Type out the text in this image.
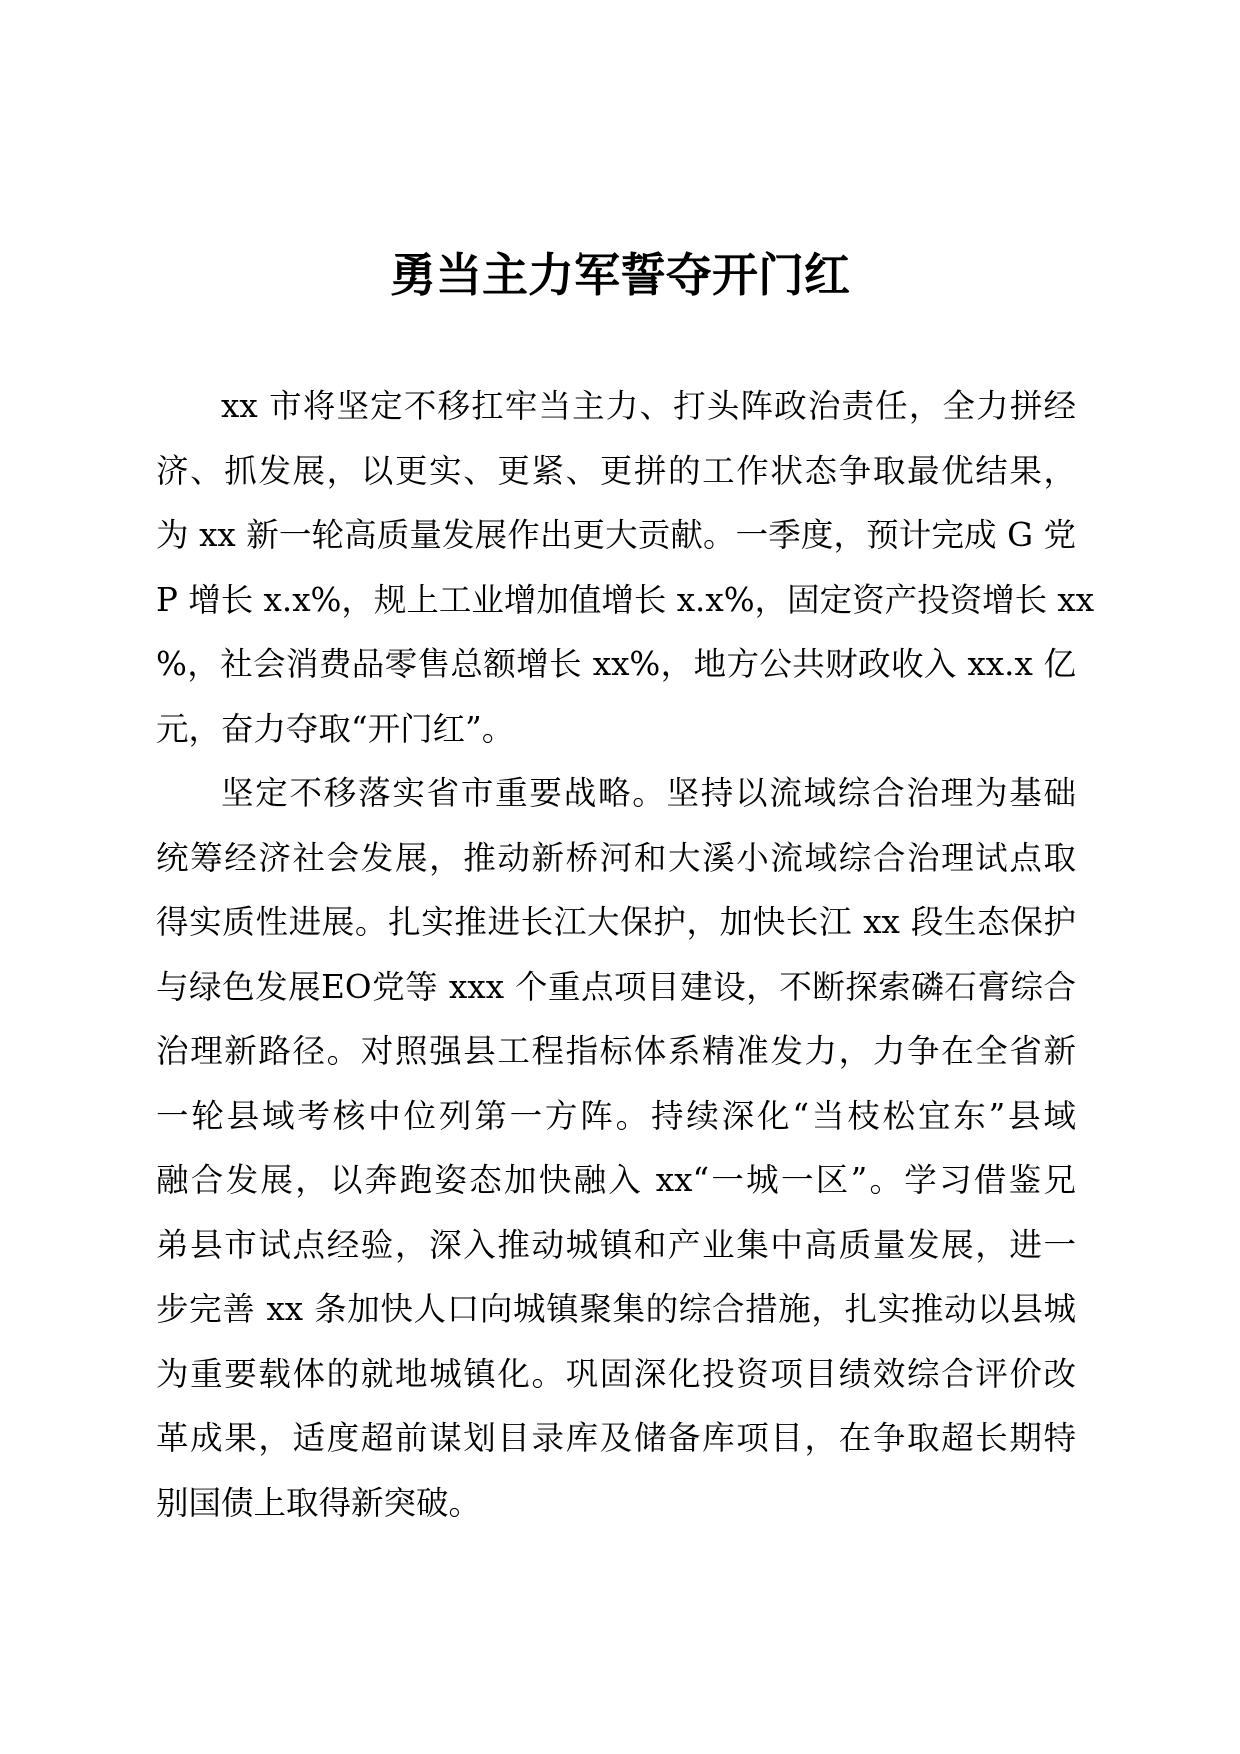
勇当主力军誓夺开门红
xx 市将坚定不移扛牢当主力、打头阵政治责任，全力拼经
济、抓发展，以更实、更紧、更拼的工作状态争取最优结果，
为 xx 新一轮高质量发展作出更大贡献。一季度，预计完成 G 党
P 增长 x.x%，规上工业增加值增长 x.x%，固定资产投资增长 xx
%，社会消费品零售总额增长 xx%，地方公共财政收入 xx.x 亿
元，奋力夺取“开门红”。
坚定不移落实省市重要战略。坚持以流域综合治理为基础
统筹经济社会发展，推动新桥河和大溪小流域综合治理试点取
得实质性进展。扎实推进长江大保护，加快长江 xx 段生态保护
与绿色发展EO党等 xxx 个重点项目建设，不断探索磷石膏综合
治理新路径。对照强县工程指标体系精准发力，力争在全省新
一轮县域考核中位列第一方阵。持续深化“当枝松宜东”县域
融合发展，以奔跑姿态加快融入 xx“一城一区”。学习借鉴兄
弟县市试点经验，深入推动城镇和产业集中高质量发展，进一
步完善 xx 条加快人口向城镇聚集的综合措施，扎实推动以县城
为重要载体的就地城镇化。巩固深化投资项目绩效综合评价改
革成果，适度超前谋划目录库及储备库项目，在争取超长期特
别国债上取得新突破。
